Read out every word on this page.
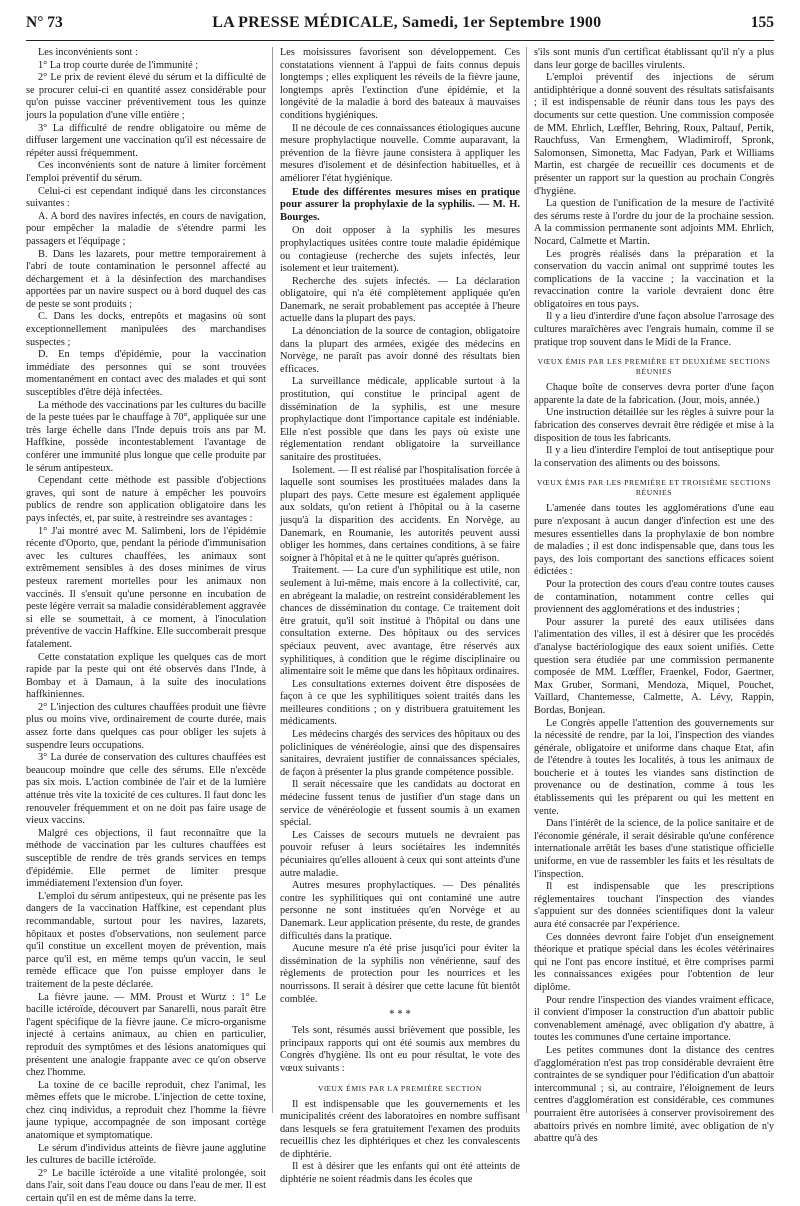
N° 73	LA PRESSE MÉDICALE, Samedi, 1er Septembre 1900	155

Les inconvénients sont :

1° La trop courte durée de l'immunité ;

2° Le prix de revient élevé du sérum et la difficulté de se procurer celui-ci en quantité assez considérable pour qu'on puisse vacciner préventivement tous les quinze jours la population d'une ville entière ;

3° La difficulté de rendre obligatoire ou même de diffuser largement une vaccination qu'il est nécessaire de répéter aussi fréquemment.

Ces inconvénients sont de nature à limiter forcément l'emploi préventif du sérum.

Celui-ci est cependant indiqué dans les circonstances suivantes :

A. A bord des navires infectés, en cours de navigation, pour empêcher la maladie de s'étendre parmi les passagers et l'équipage ;

B. Dans les lazarets, pour mettre temporairement à l'abri de toute contamination le personnel affecté au déchargement et à la désinfection des marchandises apportées par un navire suspect ou à bord duquel des cas de peste se sont produits ;

C. Dans les docks, entrepôts et magasins où sont exceptionnellement manipulées des marchandises suspectes ;

D. En temps d'épidémie, pour la vaccination immédiate des personnes qui se sont trouvées momentanément en contact avec des malades et qui sont susceptibles d'être déjà infectées.

La méthode des vaccinations par les cultures du bacille de la peste tuées par le chauffage à 70°, appliquée sur une très large échelle dans l'Inde depuis trois ans par M. Haffkine, possède incontestablement l'avantage de conférer une immunité plus longue que celle produite par le sérum antipesteux.

Cependant cette méthode est passible d'objections graves, qui sont de nature à empêcher les pouvoirs publics de rendre son application obligatoire dans les pays infectés, et, par suite, à restreindre ses avantages :

1° J'ai montré avec M. Salimbeni, lors de l'épidémie récente d'Oporto, que, pendant la période d'immunisation avec les cultures chauffées, les animaux sont extrêmement sensibles à des doses minimes de virus pesteux rarement mortelles pour les animaux non vaccinés. Il s'ensuit qu'une personne en incubation de peste légère verrait sa maladie considérablement aggravée si elle se soumettait, à ce moment, à l'inoculation préventive de vaccin Haffkine. Elle succomberait presque fatalement.

Cette constatation explique les quelques cas de mort rapide par la peste qui ont été observés dans l'Inde, à Bombay et à Damaun, à la suite des inoculations haffkiniennes.

2° L'injection des cultures chauffées produit une fièvre plus ou moins vive, ordinairement de courte durée, mais assez forte dans quelques cas pour obliger les sujets à suspendre leurs occupations.

3° La durée de conservation des cultures chauffées est beaucoup moindre que celle des sérums. Elle n'excède pas six mois. L'action combinée de l'air et de la lumière atténue très vite la toxicité de ces cultures. Il faut donc les renouveler fréquemment et on ne doit pas faire usage de vieux vaccins.

Malgré ces objections, il faut reconnaître que la méthode de vaccination par les cultures chauffées est susceptible de rendre de très grands services en temps d'épidémie. Elle permet de limiter presque immédiatement l'extension d'un foyer.

L'emploi du sérum antipesteux, qui ne présente pas les dangers de la vaccination Haffkine, est cependant plus recommandable, surtout pour les navires, lazarets, hôpitaux et postes d'observations, non seulement parce qu'il constitue un excellent moyen de prévention, mais parce qu'il est, en même temps qu'un vaccin, le seul remède efficace que l'on puisse employer dans le traitement de la peste déclarée.

La fièvre jaune. — MM. Proust et Wurtz : 1° Le bacille ictéroïde, découvert par Sanarelli, nous paraît être l'agent spécifique de la fièvre jaune. Ce micro-organisme injecté à certains animaux, au chien en particulier, reproduit des symptômes et des lésions anatomiques qui présentent une analogie frappante avec ce qu'on observe chez l'homme.

La toxine de ce bacille reproduit, chez l'animal, les mêmes effets que le microbe. L'injection de cette toxine, chez cinq individus, a reproduit chez l'homme la fièvre jaune typique, accompagnée de son imposant cortège anatomique et symptomatique.

Le sérum d'individus atteints de fièvre jaune agglutine les cultures de bacille ictéroïde.

2° Le bacille ictéroïde a une vitalité prolongée, soit dans l'air, soit dans l'eau douce ou dans l'eau de mer. Il est certain qu'il en est de même dans la terre.

Les moisissures favorisent son développement. Ces constatations viennent à l'appui de faits connus depuis longtemps ; elles expliquent les réveils de la fièvre jaune, longtemps après l'extinction d'une épidémie, et la longévité de la maladie à bord des bateaux à mauvaises conditions hygiéniques.

Il ne découle de ces connaissances étiologiques aucune mesure prophylactique nouvelle. Comme auparavant, la prévention de la fièvre jaune consistera à appliquer les mesures d'isolement et de désinfection habituelles, et à améliorer l'état hygiénique.

Etude des différentes mesures mises en pratique pour assurer la prophylaxie de la syphilis. — M. H. Bourges.

On doit opposer à la syphilis les mesures prophylactiques usitées contre toute maladie épidémique ou contagieuse (recherche des sujets infectés, leur isolement et leur traitement).

Recherche des sujets infectés. — La déclaration obligatoire, qui n'a été complètement appliquée qu'en Danemark, ne serait probablement pas acceptée à l'heure actuelle dans la plupart des pays.

La dénonciation de la source de contagion, obligatoire dans la plupart des armées, exigée des médecins en Norvège, ne paraît pas avoir donné des résultats bien efficaces.

La surveillance médicale, applicable surtout à la prostitution, qui constitue le principal agent de dissémination de la syphilis, est une mesure prophylactique dont l'importance capitale est indéniable. Elle n'est possible que dans les pays où existe une réglementation rendant obligatoire la surveillance sanitaire des prostituées.

Isolement. — Il est réalisé par l'hospitalisation forcée à laquelle sont soumises les prostituées malades dans la plupart des pays. Cette mesure est également appliquée aux soldats, qu'on retient à l'hôpital ou à la caserne jusqu'à la disparition des accidents. En Norvège, au Danemark, en Roumanie, les autorités peuvent aussi obliger les hommes, dans certaines conditions, à se faire soigner à l'hôpital et à ne le quitter qu'après guérison.

Traitement. — La cure d'un syphilitique est utile, non seulement à lui-même, mais encore à la collectivité, car, en abrégeant la maladie, on restreint considérablement les chances de dissémination du contage. Ce traitement doit être gratuit, qu'il soit institué à l'hôpital ou dans une consultation externe. Des hôpitaux ou des services spéciaux peuvent, avec avantage, être réservés aux syphilitiques, à condition que le régime disciplinaire ou alimentaire soit le même que dans les hôpitaux ordinaires.

Les consultations externes doivent être disposées de façon à ce que les syphilitiques soient traités dans les meilleures conditions ; on y distribuera gratuitement les médicaments.

Les médecins chargés des services des hôpitaux ou des policliniques de vénéréologie, ainsi que des dispensaires sanitaires, devraient justifier de connaissances spéciales, de façon à présenter la plus grande compétence possible.

Il serait nécessaire que les candidats au doctorat en médecine fussent tenus de justifier d'un stage dans un service de vénéréologie et fussent soumis à un examen spécial.

Les Caisses de secours mutuels ne devraient pas pouvoir refuser à leurs sociétaires les indemnités pécuniaires qu'elles allouent à ceux qui sont atteints d'une autre maladie.

Autres mesures prophylactiques. — Des pénalités contre les syphilitiques qui ont contaminé une autre personne ne sont instituées qu'en Norvège et au Danemark. Leur application présente, du reste, de grandes difficultés dans la pratique.

Aucune mesure n'a été prise jusqu'ici pour éviter la dissémination de la syphilis non vénérienne, sauf des règlements de protection pour les nourrices et les nourrissons. Il serait à désirer que cette lacune fût bientôt comblée.

* * *

Tels sont, résumés aussi brièvement que possible, les principaux rapports qui ont été soumis aux membres du Congrès d'hygiène. Ils ont eu pour résultat, le vote des vœux suivants :

VŒUX ÉMIS PAR LA PREMIÈRE SECTION

Il est indispensable que les gouvernements et les municipalités créent des laboratoires en nombre suffisant dans lesquels se fera gratuitement l'examen des produits recueillis chez les diphtériques et chez les convalescents de diphtérie.

Il est à désirer que les enfants qui ont été atteints de diphtérie ne soient réadmis dans les écoles que

s'ils sont munis d'un certificat établissant qu'il n'y a plus dans leur gorge de bacilles virulents.

L'emploi préventif des injections de sérum antidiphtérique a donné souvent des résultats satisfaisants ; il est indispensable de réunir dans tous les pays des documents sur cette question. Une commission composée de MM. Ehrlich, Lœffler, Behring, Roux, Paltauf, Pertik, Rauchfuss, Van Ermenghem, Wladimiroff, Spronk, Salomonsen, Simonetta, Mac Fadyan, Park et Williams Martin, est chargée de recueillir ces documents et de présenter un rapport sur la question au prochain Congrès d'hygiène.

La question de l'unification de la mesure de l'activité des sérums reste à l'ordre du jour de la prochaine session. A la commission permanente sont adjoints MM. Ehrlich, Nocard, Calmette et Martin.

Les progrès réalisés dans la préparation et la conservation du vaccin animal ont supprimé toutes les complications de la vaccine ; la vaccination et la revaccination contre la variole devraient donc être obligatoires en tous pays.

Il y a lieu d'interdire d'une façon absolue l'arrosage des cultures maraîchères avec l'engrais humain, comme il se pratique trop souvent dans le Midi de la France.

VŒUX ÉMIS PAR LES PREMIÈRE ET DEUXIÈME SECTIONS RÉUNIES

Chaque boîte de conserves devra porter d'une façon apparente la date de la fabrication. (Jour, mois, année.)

Une instruction détaillée sur les règles à suivre pour la fabrication des conserves devrait être rédigée et mise à la disposition de tous les fabricants.

Il y a lieu d'interdire l'emploi de tout antiseptique pour la conservation des aliments ou des boissons.

VŒUX ÉMIS PAR LES PREMIÈRE ET TROISIÈME SECTIONS RÉUNIES

L'amenée dans toutes les agglomérations d'une eau pure n'exposant à aucun danger d'infection est une des mesures essentielles dans la prophylaxie de bon nombre de maladies ; il est donc indispensable que, dans tous les pays, des lois comportant des sanctions efficaces soient édictées :

Pour la protection des cours d'eau contre toutes causes de contamination, notamment contre celles qui proviennent des agglomérations et des industries ;

Pour assurer la pureté des eaux utilisées dans l'alimentation des villes, il est à désirer que les procédés d'analyse bactériologique des eaux soient unifiés. Cette question sera étudiée par une commission permanente composée de MM. Lœffler, Fraenkel, Fodor, Gaertner, Max Gruber, Sormani, Mendoza, Miquel, Pouchet, Vaillard, Chantemesse, Calmette, A. Lévy, Rappin, Bordas, Bonjean.

Le Congrès appelle l'attention des gouvernements sur la nécessité de rendre, par la loi, l'inspection des viandes générale, obligatoire et uniforme dans chaque Etat, afin de l'étendre à toutes les localités, à tous les animaux de boucherie et à toutes les viandes sans distinction de provenance ou de destination, comme à tous les établissements qui les préparent ou qui les mettent en vente.

Dans l'intérêt de la science, de la police sanitaire et de l'économie générale, il serait désirable qu'une conférence internationale arrêtât les bases d'une statistique officielle uniforme, en vue de rassembler les faits et les résultats de l'inspection.

Il est indispensable que les prescriptions réglementaires touchant l'inspection des viandes s'appuient sur des données scientifiques dont la valeur aura été consacrée par l'expérience.

Ces données devront faire l'objet d'un enseignement théorique et pratique spécial dans les écoles vétérinaires qui ne l'ont pas encore institué, et être comprises parmi les connaissances exigées pour l'obtention de leur diplôme.

Pour rendre l'inspection des viandes vraiment efficace, il convient d'imposer la construction d'un abattoir public convenablement aménagé, avec obligation d'y abattre, à toutes les communes d'une certaine importance.

Les petites communes dont la distance des centres d'agglomération n'est pas trop considérable devraient être contraintes de se syndiquer pour l'édification d'un abattoir intercommunal ; si, au contraire, l'éloignement de leurs centres d'agglomération est considérable, ces communes pourraient être autorisées à conserver provisoirement des abattoirs privés en nombre limité, avec obligation de n'y abattre qu'à des
